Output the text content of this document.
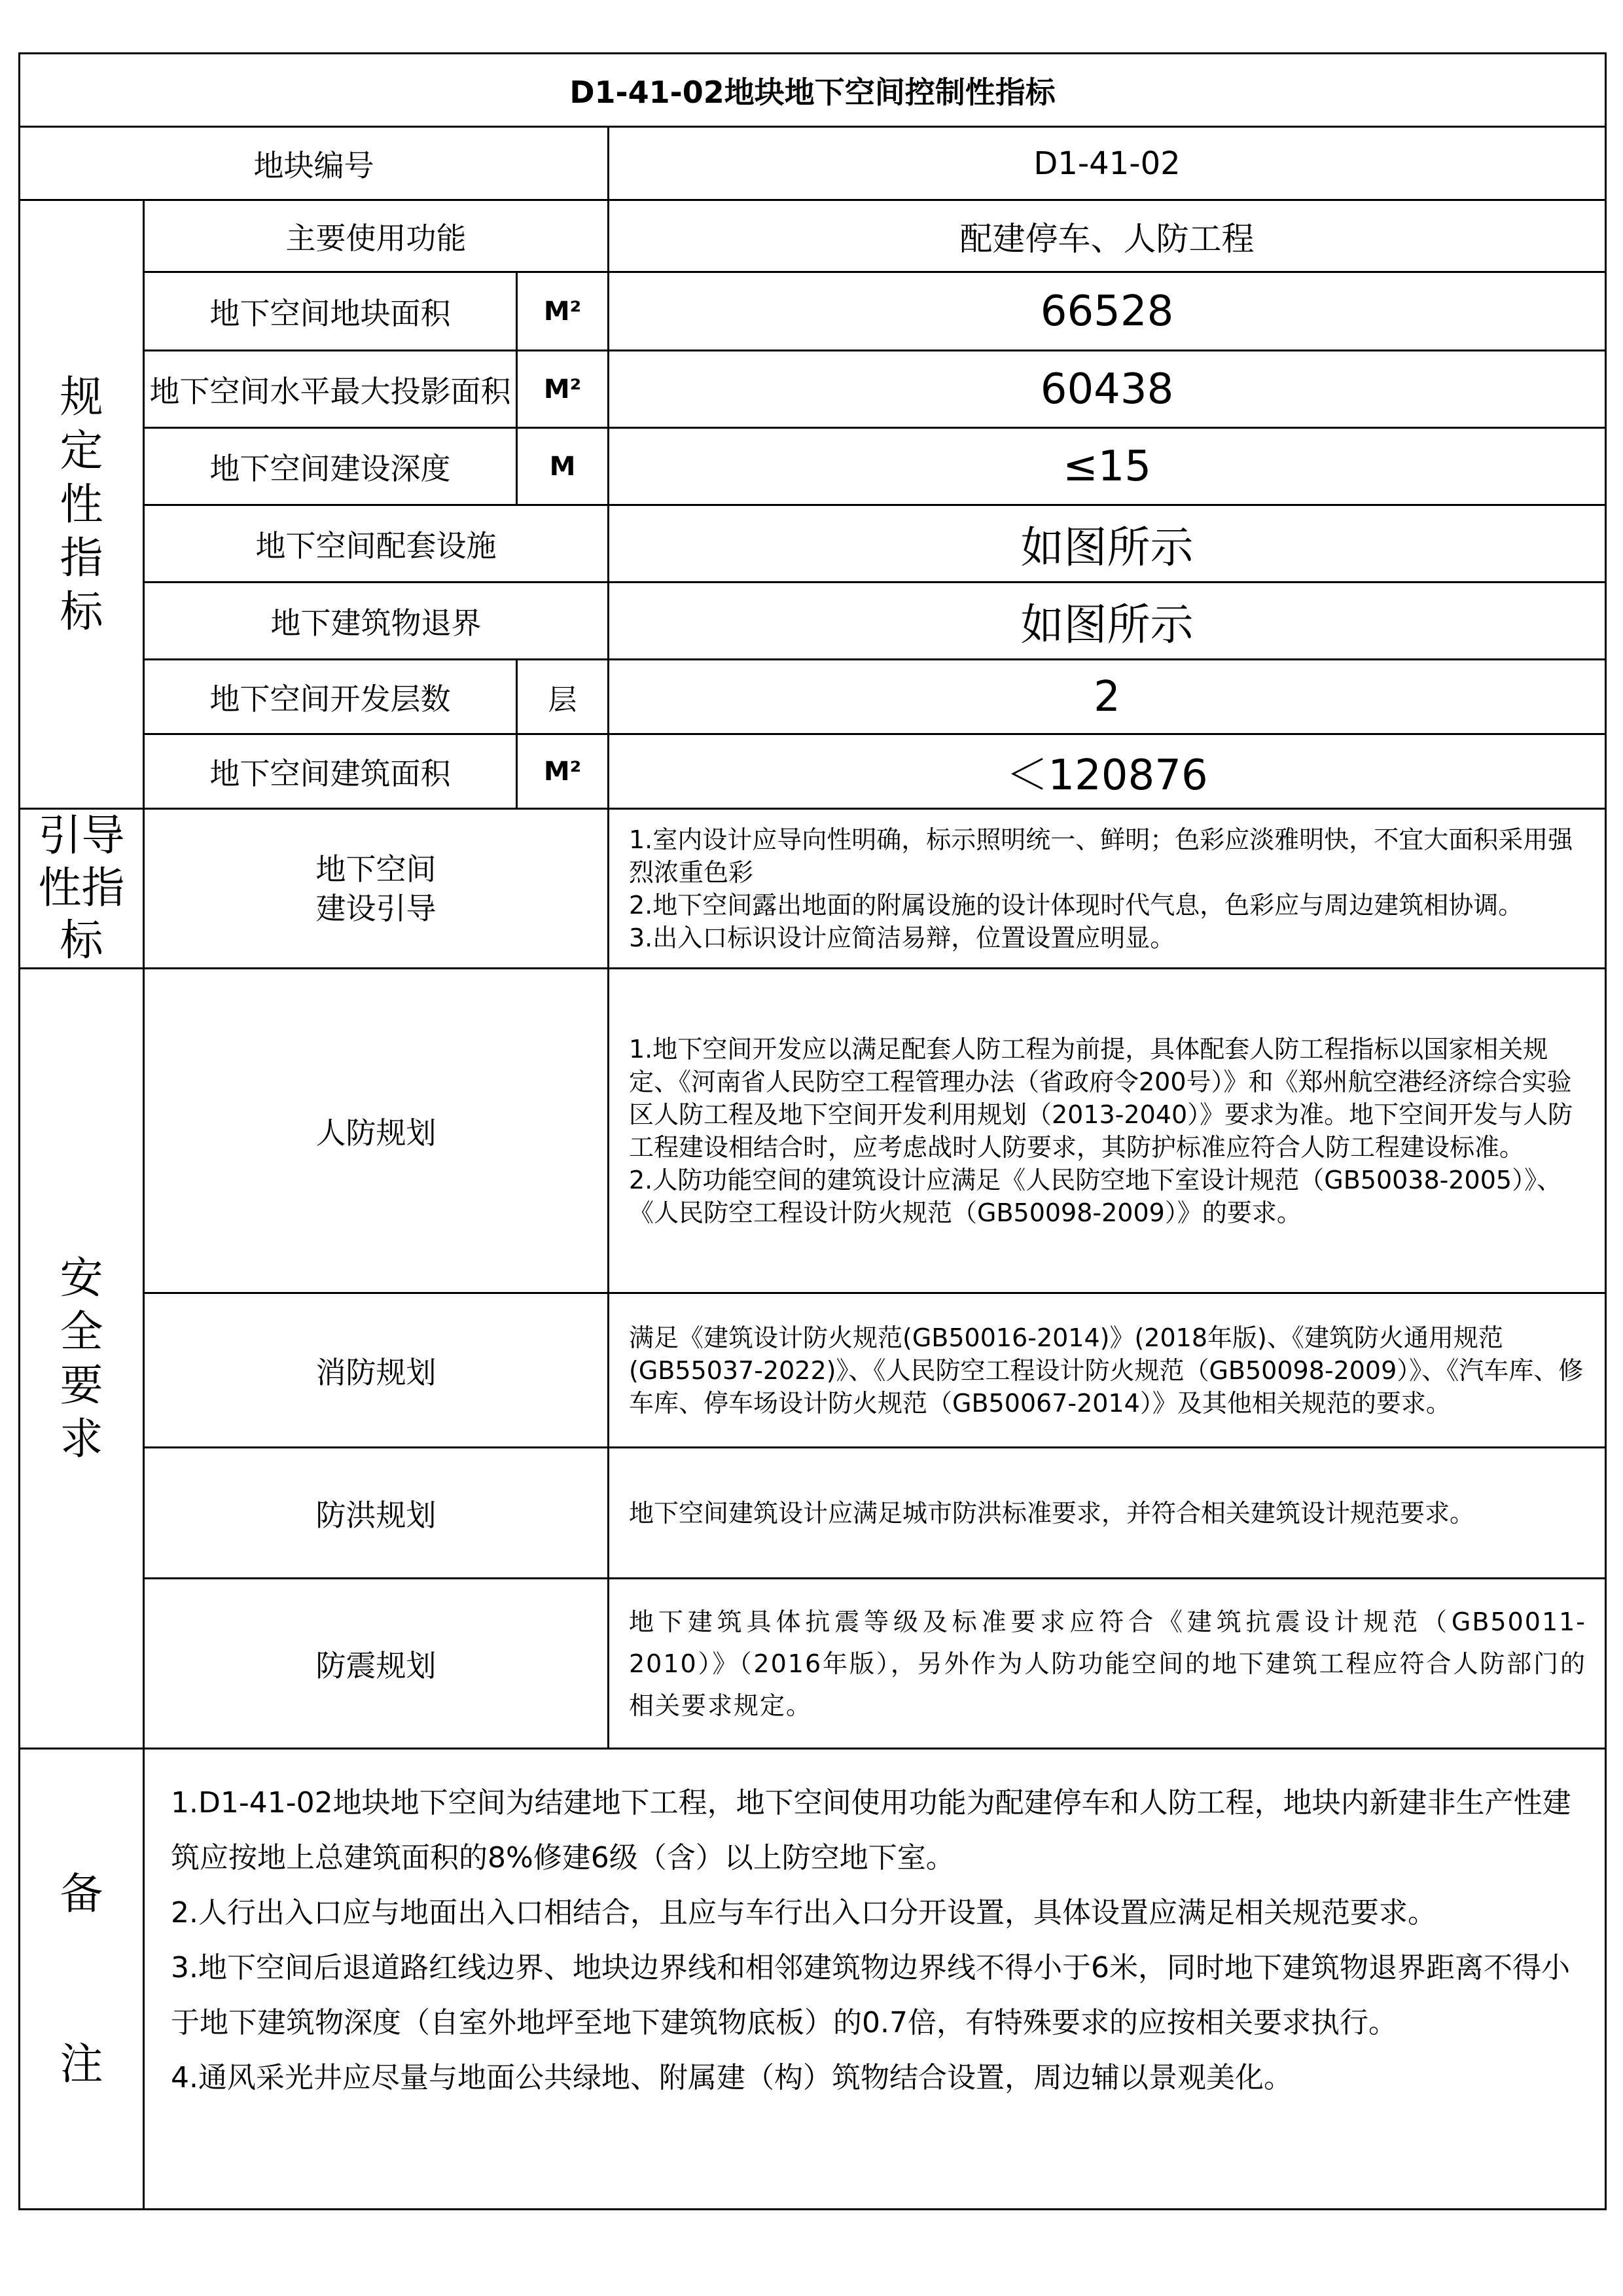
D1-41-02地块地下空间控制性指标			
地块编号			D1-41-02
规定性指标	主要使用功能		配建停车、人防工程
	地下空间地块面积	M²	66528
	地下空间水平最大投影面积	M²	60438
	地下空间建设深度	M	≤15
	地下空间配套设施		如图所示
	地下建筑物退界		如图所示
	地下空间开发层数	层	2
	地下空间建筑面积	M²	＜120876
引导性指标	地下空间建设引导		1.室内设计应导向性明确，标示照明统一、鲜明；色彩应淡雅明快，不宜大面积采用强烈浓重色彩

2.地下空间露出地面的附属设施的设计体现时代气息，色彩应与周边建筑相协调。

3.出入口标识设计应简洁易辩，位置设置应明显。

安全要求	人防规划		1.地下空间开发应以满足配套人防工程为前提，具体配套人防工程指标以国家相关规定、《河南省人民防空工程管理办法（省政府令200号）》和《郑州航空港经济综合实验区人防工程及地下空间开发利用规划（2013-2040）》要求为准。地下空间开发与人防工程建设相结合时，应考虑战时人防要求，其防护标准应符合人防工程建设标准。

2.人防功能空间的建筑设计应满足《人民防空地下室设计规范（GB50038-2005）》、《人民防空工程设计防火规范（GB50098-2009）》的要求。

	消防规划		满足《建筑设计防火规范(GB50016-2014)》(2018年版)、《建筑防火通用规范(GB55037-2022)》、《人民防空工程设计防火规范（GB50098-2009）》、《汽车库、修车库、停车场设计防火规范（GB50067-2014）》及其他相关规范的要求。

	防洪规划		地下空间建筑设计应满足城市防洪标准要求，并符合相关建筑设计规范要求。

	防震规划		地下建筑具体抗震等级及标准要求应符合《建筑抗震设计规范（GB50011-2010）》（2016年版），另外作为人防功能空间的地下建筑工程应符合人防部门的相关要求规定。

备注	1.D1-41-02地块地下空间为结建地下工程，地下空间使用功能为配建停车和人防工程，地块内新建非生产性建筑应按地上总建筑面积的8%修建6级（含）以上防空地下室。

2.人行出入口应与地面出入口相结合，且应与车行出入口分开设置，具体设置应满足相关规范要求。

3.地下空间后退道路红线边界、地块边界线和相邻建筑物边界线不得小于6米，同时地下建筑物退界距离不得小于地下建筑物深度（自室外地坪至地下建筑物底板）的0.7倍，有特殊要求的应按相关要求执行。

4.通风采光井应尽量与地面公共绿地、附属建（构）筑物结合设置，周边辅以景观美化。		
